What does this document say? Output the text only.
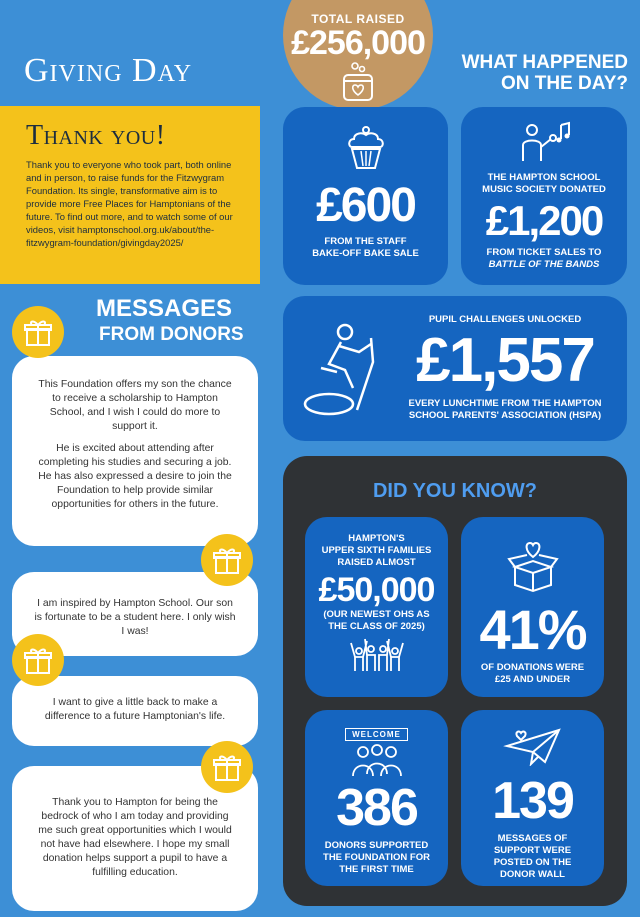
TOTAL RAISED
£256,000
Giving Day	WHAT HAPPENED
ON THE DAY?
Thank you!

Thank you to everyone who took part, both online and in person, to raise funds for the Fitzwygram Foundation. Its single, transformative aim is to provide more Free Places for Hamptonians of the future. To find out more, and to watch some of our videos, visit hamptonschool.org.uk/about/the-fitzwygram-foundation/givingday2025/

£600
FROM THE STAFF
BAKE-OFF BAKE SALE
THE HAMPTON SCHOOL
MUSIC SOCIETY DONATED
£1,200
FROM TICKET SALES TO
BATTLE OF THE BANDS
PUPIL CHALLENGES UNLOCKED
£1,557
EVERY LUNCHTIME FROM THE HAMPTON
SCHOOL PARENTS' ASSOCIATION (HSPA)
DID YOU KNOW?
HAMPTON'S
UPPER SIXTH FAMILIES
RAISED ALMOST
£50,000
(OUR NEWEST OHS AS
THE CLASS OF 2025) 41%
OF DONATIONS WERE
£25 AND UNDER
WELCOME
386
DONORS SUPPORTED
THE FOUNDATION FOR
THE FIRST TIME
139
MESSAGES OF
SUPPORT WERE
POSTED ON THE
DONOR WALL
MESSAGES
FROM DONORS

This Foundation offers my son the chance to receive a scholarship to Hampton School, and I wish I could do more to support it.

He is excited about attending after completing his studies and securing a job. He has also expressed a desire to join the Foundation to help provide similar opportunities for others in the future.

I am inspired by Hampton School. Our son is fortunate to be a student here. I only wish I was!

I want to give a little back to make a difference to a future Hamptonian's life.

Thank you to Hampton for being the bedrock of who I am today and providing me such great opportunities which I would not have had elsewhere. I hope my small donation helps support a pupil to have a fulfilling education.
